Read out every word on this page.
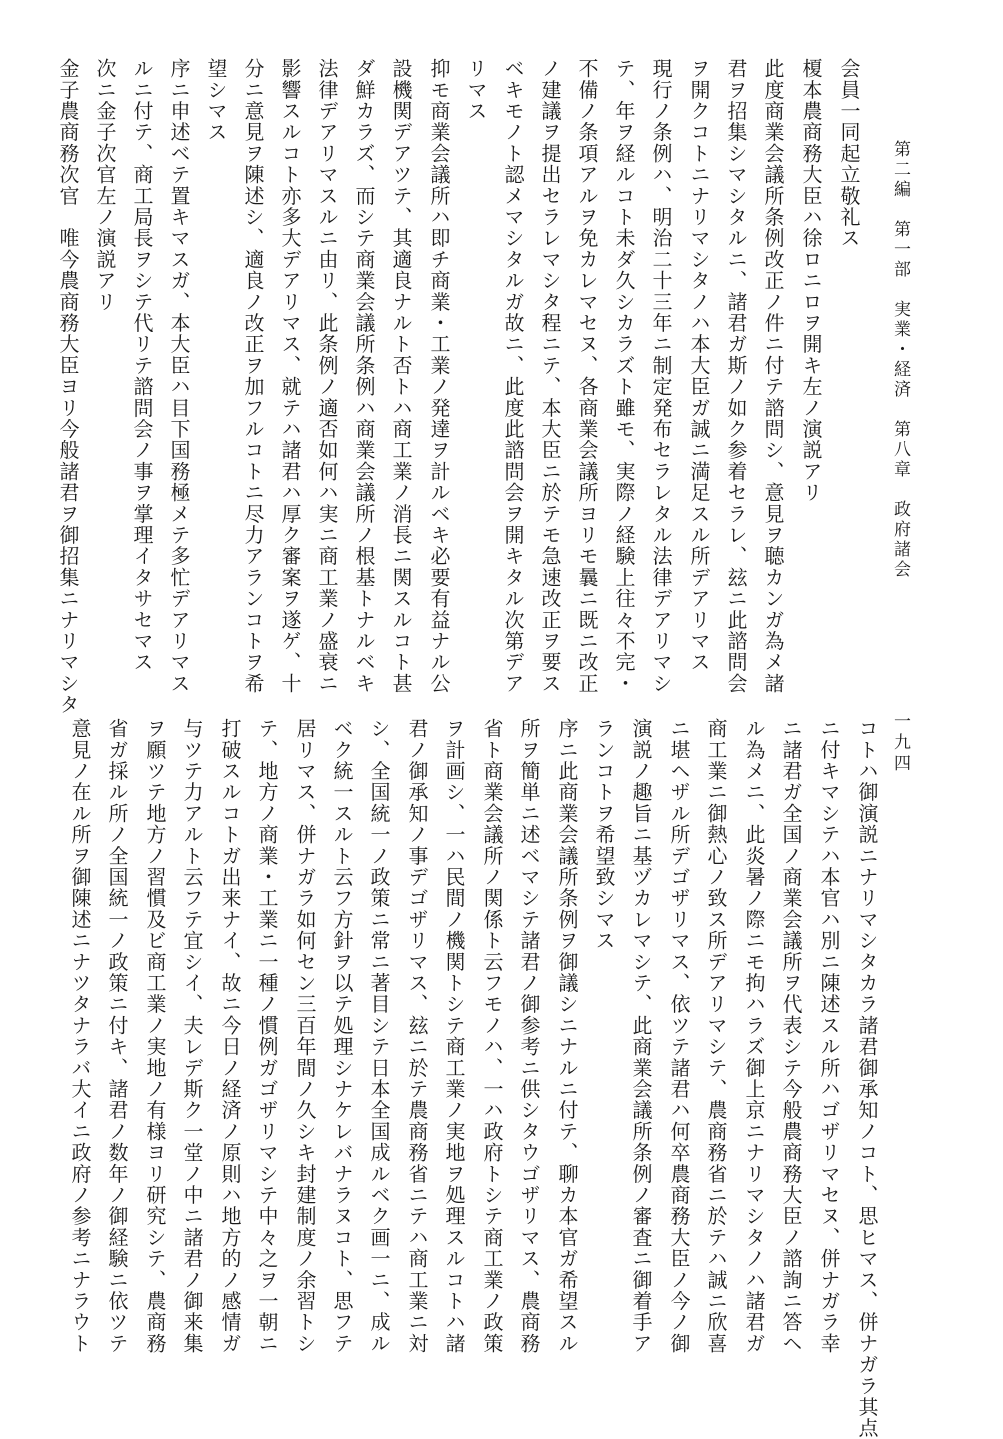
第二編　第一部　実業・経済　第八章　政府諸会
一九四
会員一同起立敬礼ス
榎本農商務大臣ハ徐ロニロヲ開キ左ノ演説アリ
此度商業会議所条例改正ノ件ニ付テ諮問シ、意見ヲ聴カンガ為メ諸
君ヲ招集シマシタルニ、諸君ガ斯ノ如ク参着セラレ、玆ニ此諮問会
ヲ開クコトニナリマシタノハ本大臣ガ誠ニ満足スル所デアリマス
現行ノ条例ハ、明治二十三年ニ制定発布セラレタル法律デアリマシ
テ、年ヲ経ルコト未ダ久シカラズト雖モ、実際ノ経験上往々不完・
不備ノ条項アルヲ免カレマセヌ、各商業会議所ヨリモ曩ニ既ニ改正
ノ建議ヲ提出セラレマシタ程ニテ、本大臣ニ於テモ急速改正ヲ要ス
ベキモノト認メマシタルガ故ニ、此度此諮問会ヲ開キタル次第デア
リマス
抑モ商業会議所ハ即チ商業・工業ノ発達ヲ計ルベキ必要有益ナル公
設機関デアツテ、其適良ナルト否トハ商工業ノ消長ニ関スルコト甚
ダ鮮カラズ、而シテ商業会議所条例ハ商業会議所ノ根基トナルベキ
法律デアリマスルニ由リ、此条例ノ適否如何ハ実ニ商工業ノ盛衰ニ
影響スルコト亦多大デアリマス、就テハ諸君ハ厚ク審案ヲ遂ゲ、十
分ニ意見ヲ陳述シ、適良ノ改正ヲ加フルコトニ尽力アランコトヲ希
望シマス
序ニ申述ベテ置キマスガ、本大臣ハ目下国務極メテ多忙デアリマス
ルニ付テ、商工局長ヲシテ代リテ諮問会ノ事ヲ掌理イタサセマス
次ニ金子次官左ノ演説アリ
金子農商務次官　唯今農商務大臣ヨリ今般諸君ヲ御招集ニナリマシタ
コトハ御演説ニナリマシタカラ諸君御承知ノコト、思ヒマス、併ナガラ其点
ニ付キマシテハ本官ハ別ニ陳述スル所ハゴザリマセヌ、併ナガラ幸
ニ諸君ガ全国ノ商業会議所ヲ代表シテ今般農商務大臣ノ諮詢ニ答ヘ
ル為メニ、此炎暑ノ際ニモ拘ハラズ御上京ニナリマシタノハ諸君ガ
商工業ニ御熱心ノ致ス所デアリマシテ、農商務省ニ於テハ誠ニ欣喜
ニ堪ヘザル所デゴザリマス、依ツテ諸君ハ何卒農商務大臣ノ今ノ御
演説ノ趣旨ニ基ヅカレマシテ、此商業会議所条例ノ審査ニ御着手ア
ランコトヲ希望致シマス
序ニ此商業会議所条例ヲ御議シニナルニ付テ、聊カ本官ガ希望スル
所ヲ簡単ニ述ベマシテ諸君ノ御参考ニ供シタウゴザリマス、農商務
省ト商業会議所ノ関係ト云フモノハ、一ハ政府トシテ商工業ノ政策
ヲ計画シ、一ハ民間ノ機関トシテ商工業ノ実地ヲ処理スルコトハ諸
君ノ御承知ノ事デゴザリマス、玆ニ於テ農商務省ニテハ商工業ニ対
シ、全国統一ノ政策ニ常ニ著目シテ日本全国成ルベク画一ニ、成ル
ベク統一スルト云フ方針ヲ以テ処理シナケレバナラヌコト、思フテ
居リマス、併ナガラ如何セン三百年間ノ久シキ封建制度ノ余習トシ
テ、地方ノ商業・工業ニ一種ノ慣例ガゴザリマシテ中々之ヲ一朝ニ
打破スルコトガ出来ナイ、故ニ今日ノ経済ノ原則ハ地方的ノ感情ガ
与ツテ力アルト云フテ宜シイ、夫レデ斯ク一堂ノ中ニ諸君ノ御来集
ヲ願ツテ地方ノ習慣及ビ商工業ノ実地ノ有様ヨリ研究シテ、農商務
省ガ採ル所ノ全国統一ノ政策ニ付キ、諸君ノ数年ノ御経験ニ依ツテ
意見ノ在ル所ヲ御陳述ニナツタナラバ大イニ政府ノ参考ニナラウト
